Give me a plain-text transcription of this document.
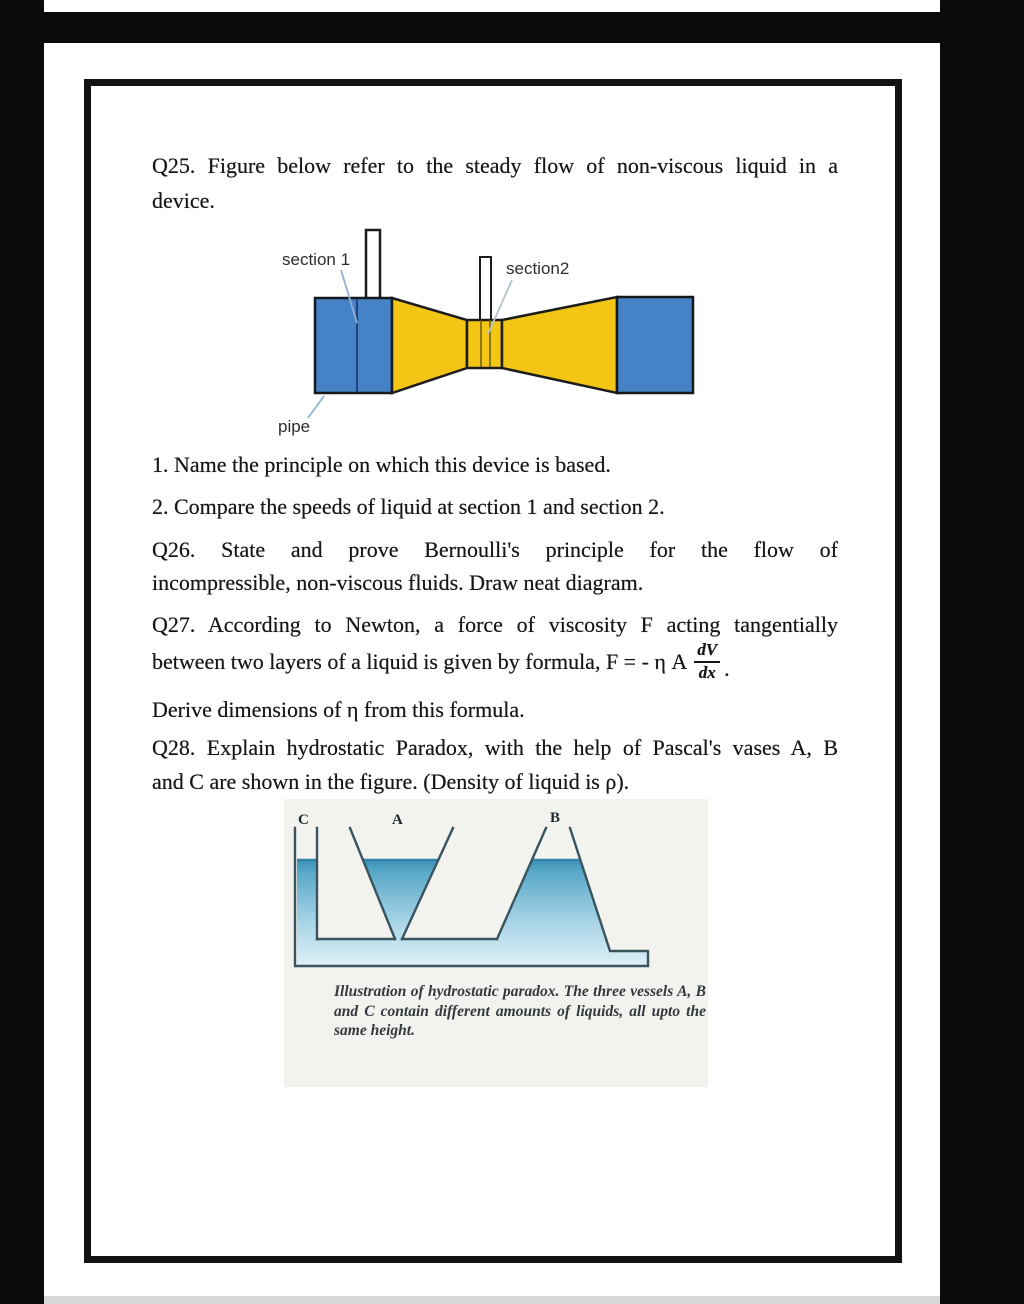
Q25. Figure below refer to the steady flow of non-viscous liquid in a
device.
section 1	section2
pipe
1. Name the principle on which this device is based.
2. Compare the speeds of liquid at section 1 and section 2.
Q26. State and prove Bernoulli's principle for the flow of
incompressible, non-viscous fluids. Draw neat diagram.
Q27. According to Newton, a force of viscosity F acting tangentially
between two layers of a liquid is given by formula, F = - η A $\frac{dV}{dx}$ .
Derive dimensions of η from this formula.
Q28. Explain hydrostatic Paradox, with the help of Pascal's vases A, B
and C are shown in the figure. (Density of liquid is ρ).
C	A	B
Illustration of hydrostatic paradox. The three vessels A, B and C contain different amounts of liquids, all upto the same height.
